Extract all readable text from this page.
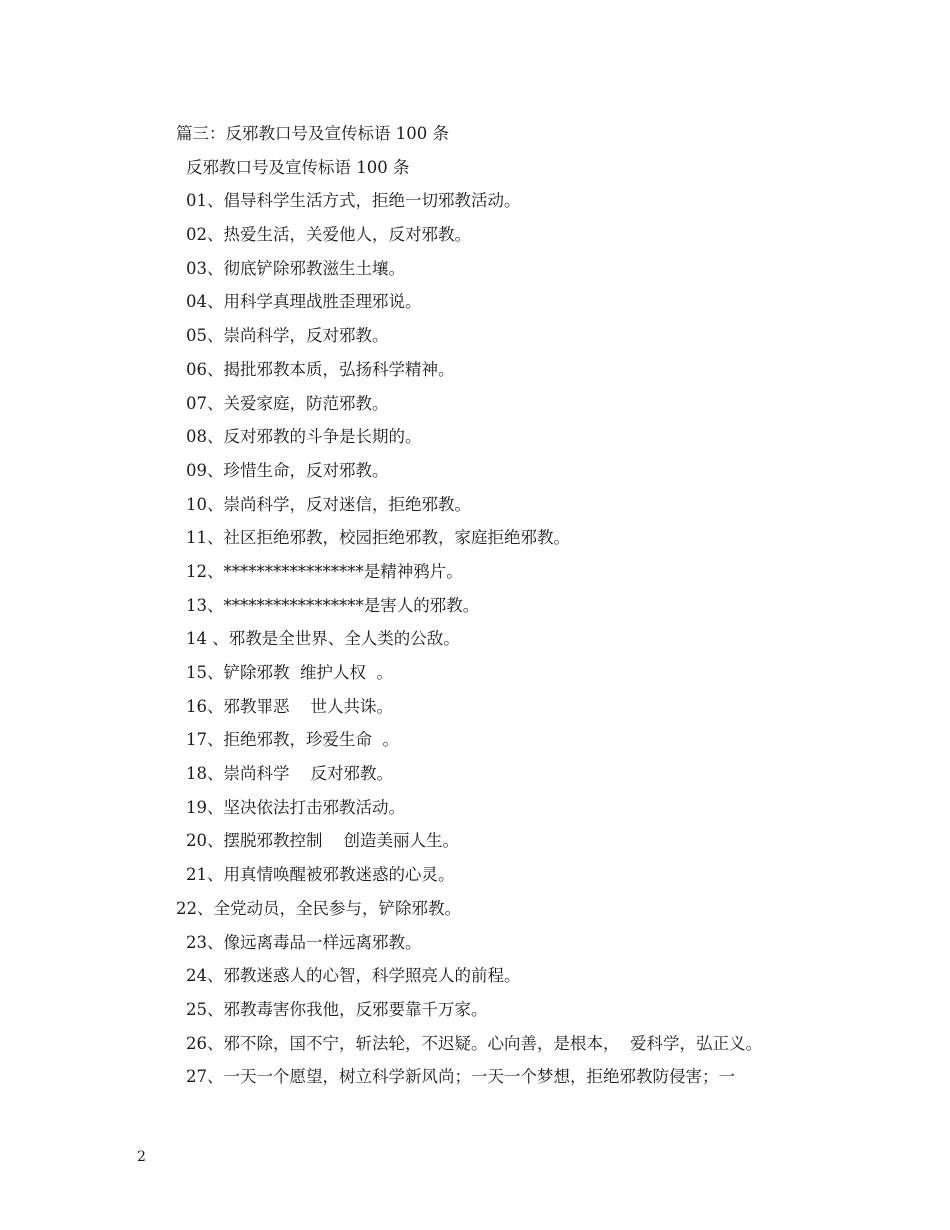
篇三：反邪教口号及宣传标语 100 条
反邪教口号及宣传标语 100 条
01、倡导科学生活方式，拒绝一切邪教活动。
02、热爱生活，关爱他人，反对邪教。
03、彻底铲除邪教滋生土壤。
04、用科学真理战胜歪理邪说。
05、崇尚科学，反对邪教。
06、揭批邪教本质，弘扬科学精神。
07、关爱家庭，防范邪教。
08、反对邪教的斗争是长期的。
09、珍惜生命，反对邪教。
10、崇尚科学，反对迷信，拒绝邪教。
11、社区拒绝邪教，校园拒绝邪教，家庭拒绝邪教。
12、*****************是精神鸦片。
13、*****************是害人的邪教。
14 、邪教是全世界、全人类的公敌。
15、铲除邪教  维护人权  。
16、邪教罪恶    世人共诛。
17、拒绝邪教，珍爱生命  。
18、崇尚科学    反对邪教。
19、坚决依法打击邪教活动。
20、摆脱邪教控制    创造美丽人生。
21、用真情唤醒被邪教迷惑的心灵。
22、全党动员，全民参与，铲除邪教。
23、像远离毒品一样远离邪教。
24、邪教迷惑人的心智，科学照亮人的前程。
25、邪教毒害你我他，反邪要靠千万家。
26、邪不除，国不宁，斩法轮，不迟疑。心向善，是根本，  爱科学，弘正义。
27、一天一个愿望，树立科学新风尚；一天一个梦想，拒绝邪教防侵害；一
2
